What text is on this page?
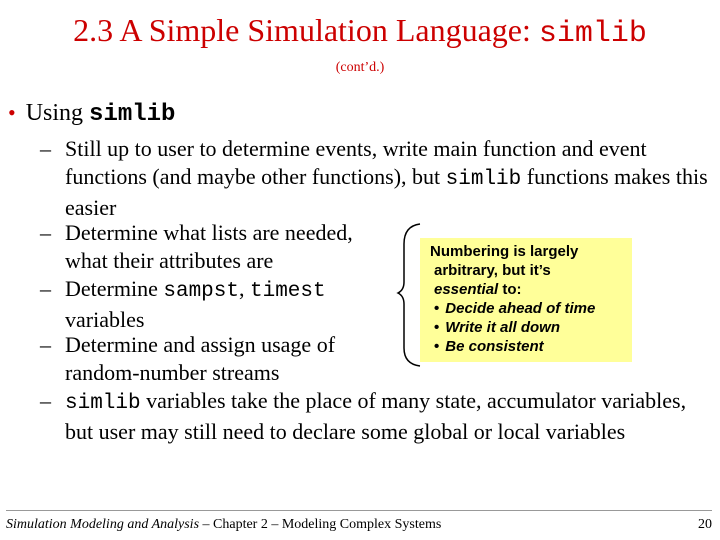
2.3 A Simple Simulation Language: simlib
(cont’d.)
• Using simlib
– Still up to user to determine events, write main function and event functions (and maybe other functions), but simlib functions makes this easier
– Determine what lists are needed, what their attributes are
– Determine sampst, timest variables
– Determine and assign usage of random-number streams
– simlib variables take the place of many state, accumulator variables, but user may still need to declare some global or local variables
Numbering is largely
arbitrary, but it’s
essential to:
• Decide ahead of time
• Write it all down
• Be consistent
Simulation Modeling and Analysis – Chapter 2 – Modeling Complex Systems	20
